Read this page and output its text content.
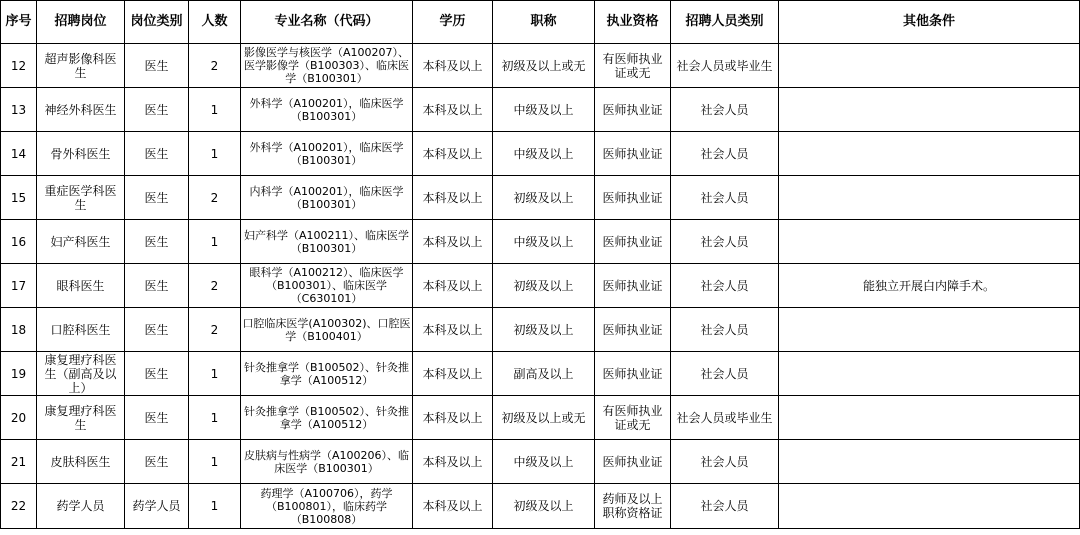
序号	招聘岗位	岗位类别	人数	专业名称（代码）	学历	职称	执业资格	招聘人员类别	其他条件
12	超声影像科医生	医生	2	影像医学与核医学（A100207）、医学影像学（B100303）、临床医学（B100301）	本科及以上	初级及以上或无	有医师执业证或无	社会人员或毕业生	
13	神经外科医生	医生	1	外科学（A100201），临床医学（B100301）	本科及以上	中级及以上	医师执业证	社会人员	
14	骨外科医生	医生	1	外科学（A100201），临床医学（B100301）	本科及以上	中级及以上	医师执业证	社会人员	
15	重症医学科医生	医生	2	内科学（A100201），临床医学（B100301）	本科及以上	初级及以上	医师执业证	社会人员	
16	妇产科医生	医生	1	妇产科学（A100211）、临床医学（B100301）	本科及以上	中级及以上	医师执业证	社会人员	
17	眼科医生	医生	2	眼科学（A100212）、临床医学（B100301）、临床医学（C630101）	本科及以上	初级及以上	医师执业证	社会人员	能独立开展白内障手术。
18	口腔科医生	医生	2	口腔临床医学(A100302)、口腔医学（B100401）	本科及以上	初级及以上	医师执业证	社会人员	
19	康复理疗科医生（副高及以上）	医生	1	针灸推拿学（B100502）、针灸推拿学（A100512）	本科及以上	副高及以上	医师执业证	社会人员	
20	康复理疗科医生	医生	1	针灸推拿学（B100502）、针灸推拿学（A100512）	本科及以上	初级及以上或无	有医师执业证或无	社会人员或毕业生	
21	皮肤科医生	医生	1	皮肤病与性病学（A100206）、临床医学（B100301）	本科及以上	中级及以上	医师执业证	社会人员	
22	药学人员	药学人员	1	药理学（A100706），药学（B100801），临床药学（B100808）	本科及以上	初级及以上	药师及以上职称资格证	社会人员	
